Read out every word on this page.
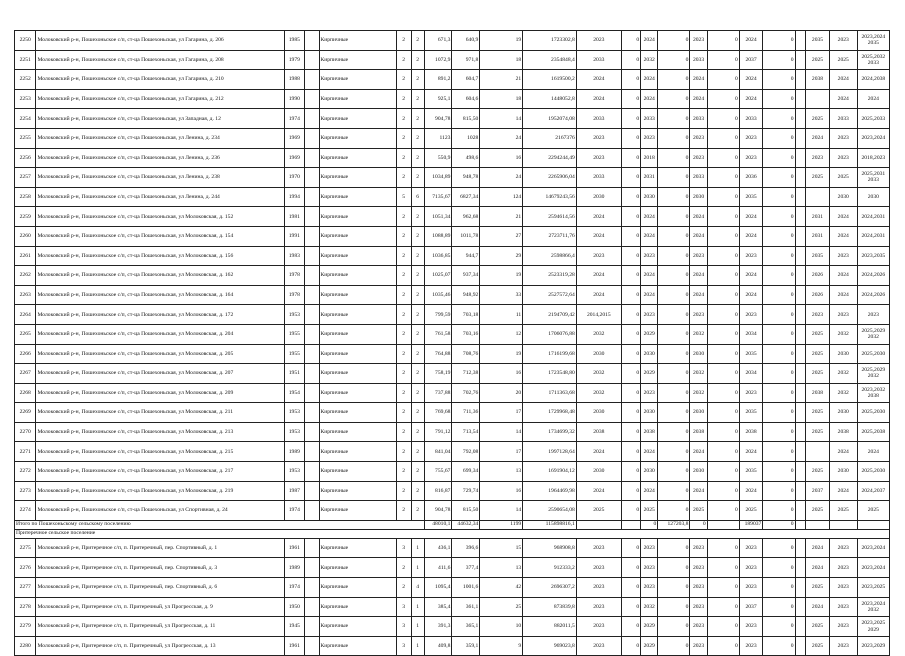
2250	Молоковский р-н, Пошехоньское с/п, ст-ца Пошехоньская, ул Гагарина, д. 206	1985		Кирпичные	2	2	671,3	640,9	19	1723302,8	2023	0	2024	0	2023	0	2024	0		2035	2023	2023,2024 2035
2251	Молоковский р-н, Пошехоньское с/п, ст-ца Пошехоньская, ул Гагарина, д. 208	1979		Кирпичные	2	2	1072,9	971,8	18	2354848,4	2033	0	2032	0	2033	0	2037	0		2025	2025	2025,2032 2033
2252	Молоковский р-н, Пошехоньское с/п, ст-ца Пошехоньская, ул Гагарина, д. 210	1988		Кирпичные	2	2	891,2	604,7	21	1619500,2	2024	0	2024	0	2024	0	2024	0		2038	2024	2024,2038
2253	Молоковский р-н, Пошехоньское с/п, ст-ца Пошехоньская, ул Гагарина, д. 212	1990		Кирпичные	2	2	925,1	604,6	18	1448052,8	2024	0	2024	0	2024	0	2024	0			2024	2024
2254	Молоковский р-н, Пошехоньское с/п, ст-ца Пошехоньская, ул Западная, д. 12	1974		Кирпичные	2	2	904,78	815,50	14	1952074,08	2033	0	2033	0	2033	0	2033	0		2025	2033	2025,2033
2255	Молоковский р-н, Пошехоньское с/п, ст-ца Пошехоньская, ул Ленина, д. 234	1969		Кирпичные	2	2	1123	1028	24	2167376	2023	0	2023	0	2023	0	2023	0		2024	2023	2023,2024
2256	Молоковский р-н, Пошехоньское с/п, ст-ца Пошехоньская, ул Ленина, д. 236	1969		Кирпичные	2	2	550,9	498,6	16	2294244,49	2023	0	2018	0	2023	0	2023	0		2023	2023	2018,2023
2257	Молоковский р-н, Пошехоньское с/п, ст-ца Пошехоньская, ул Ленина, д. 238	1970		Кирпичные	2	2	1034,89	948,78	24	2265906,04	2033	0	2031	0	2033	0	2036	0		2025	2025	2025,2031 2033
2258	Молоковский р-н, Пошехоньское с/п, ст-ца Пошехоньская, ул Ленина, д. 244	1994		Кирпичные	5	6	7135,67	6827,34	124	14679243,56	2030	0	2030	0	2030	0	2035	0			2030	2030
2259	Молоковский р-н, Пошехоньское с/п, ст-ца Пошехоньская, ул Молоковская, д. 152	1981		Кирпичные	2	2	1051,34	962,68	21	2594614,56	2024	0	2024	0	2024	0	2024	0		2031	2024	2024,2031
2260	Молоковский р-н, Пошехоньское с/п, ст-ца Пошехоньская, ул Молоковская, д. 154	1991		Кирпичные	2	2	1088,89	1011,78	27	2723711,76	2024	0	2024	0	2024	0	2024	0		2031	2024	2024,2031
2261	Молоковский р-н, Пошехоньское с/п, ст-ца Пошехоньская, ул Молоковская, д. 156	1983		Кирпичные	2	2	1036,85	944,7	29	2598866,4	2023	0	2023	0	2023	0	2023	0		2035	2023	2023,2035
2262	Молоковский р-н, Пошехоньское с/п, ст-ца Пошехоньская, ул Молоковская, д. 162	1978		Кирпичные	2	2	1025,07	937,34	19	2523319,28	2024	0	2024	0	2024	0	2024	0		2026	2024	2024,2026
2263	Молоковский р-н, Пошехоньское с/п, ст-ца Пошехоньская, ул Молоковская, д. 164	1978		Кирпичные	2	2	1035,46	948,92	33	2527572,64	2024	0	2024	0	2024	0	2024	0		2026	2024	2024,2026
2264	Молоковский р-н, Пошехоньское с/п, ст-ца Пошехоньская, ул Молоковская, д. 172	1953		Кирпичные	2	2	799,59	703,18	11	2194709,42	2014,2015	0	2023	0	2023	0	2023	0		2023	2023	2023
2265	Молоковский р-н, Пошехоньское с/п, ст-ца Пошехоньская, ул Молоковская, д. 204	1955		Кирпичные	2	2	761,58	703,16	12	1706076,88	2032	0	2029	0	2032	0	2034	0		2025	2032	2025,2029 2032
2266	Молоковский р-н, Пошехоньское с/п, ст-ца Пошехоньская, ул Молоковская, д. 205	1955		Кирпичные	2	2	764,88	708,76	19	1716199,68	2030	0	2030	0	2030	0	2035	0		2025	2030	2025,2030
2267	Молоковский р-н, Пошехоньское с/п, ст-ца Пошехоньская, ул Молоковская, д. 207	1951		Кирпичные	2	2	758,19	712,38	16	1723548,80	2032	0	2029	0	2032	0	2034	0		2025	2032	2025,2029 2032
2268	Молоковский р-н, Пошехоньское с/п, ст-ца Пошехоньская, ул Молоковская, д. 209	1954		Кирпичные	2	2	737,88	702,76	20	1711363,68	2032	0	2023	0	2032	0	2023	0		2038	2032	2023,2032 2038
2269	Молоковский р-н, Пошехоньское с/п, ст-ца Пошехоньская, ул Молоковская, д. 211	1953		Кирпичные	2	2	769,68	711,36	17	1729968,48	2030	0	2030	0	2030	0	2035	0		2025	2030	2025,2030
2270	Молоковский р-н, Пошехоньское с/п, ст-ца Пошехоньская, ул Молоковская, д. 213	1953		Кирпичные	2	2	791,12	713,54	14	1734699,32	2038	0	2038	0	2038	0	2038	0		2025	2038	2025,2038
2271	Молоковский р-н, Пошехоньское с/п, ст-ца Пошехоньская, ул Молоковская, д. 215	1989		Кирпичные	2	2	841,04	792,08	17	1997128,64	2024	0	2024	0	2024	0	2024	0			2024	2024
2272	Молоковский р-н, Пошехоньское с/п, ст-ца Пошехоньская, ул Молоковская, д. 217	1953		Кирпичные	2	2	755,67	699,34	13	1691904,12	2030	0	2030	0	2030	0	2035	0		2025	2030	2025,2030
2273	Молоковский р-н, Пошехоньское с/п, ст-ца Пошехоньская, ул Молоковская, д. 219	1987		Кирпичные	2	2	816,87	729,74	16	1964469,98	2024	0	2024	0	2024	0	2024	0		2037	2024	2024,2037
2274	Молоковский р-н, Пошехоньское с/п, ст-ца Пошехоньская, ул Спортивная, д. 24	1974		Кирпичные	2	2	904,78	815,50	14	2590654,08	2025	0	2025	0	2025	0	2025	0		2025	2025	2025
Итого по Пошехоньскому сельскому поселению							48010,1	44632,34	1199	115898816,1			0	127203,8	0		189037	0				
Притеречное сельское поселение																						
2275	Молоковский р-н, Притеречное с/п, п. Притеречный, пер. Спортивный, д. 1	1961		Кирпичные	3	1	436,1	396,6	15	968908,8	2023	0	2023	0	2023	0	2023	0		2024	2023	2023,2024
2276	Молоковский р-н, Притеречное с/п, п. Притеречный, пер. Спортивный, д. 3	1989		Кирпичные	2	1	411,6	377,4	13	912333,2	2023	0	2023	0	2023	0	2023	0		2024	2023	2023,2024
2277	Молоковский р-н, Притеречное с/п, п. Притеречный, пер. Спортивный, д. 6	1974		Кирпичные	2	4	1095,4	1001,6	42	2696307,2	2023	0	2023	0	2023	0	2023	0		2025	2023	2023,2025
2278	Молоковский р-н, Притеречное с/п, п. Притеречный, ул Прогресская, д. 9	1950		Кирпичные	3	1	385,4	361,1	25	873839,8	2023	0	2032	0	2023	0	2037	0		2024	2023	2023,2024 2032
2279	Молоковский р-н, Притеречное с/п, п. Притеречный, ул Прогресская, д. 11	1945		Кирпичные	3	1	391,3	365,1	10	882011,5	2023	0	2029	0	2023	0	2023	0		2025	2023	2023,2025 2029
2280	Молоковский р-н, Притеречное с/п, п. Притеречный, ул Прогресская, д. 13	1961		Кирпичные	3	1	409,8	359,1	9	969023,8	2023	0	2029	0	2023	0	2023	0		2025	2023	2023,2029
